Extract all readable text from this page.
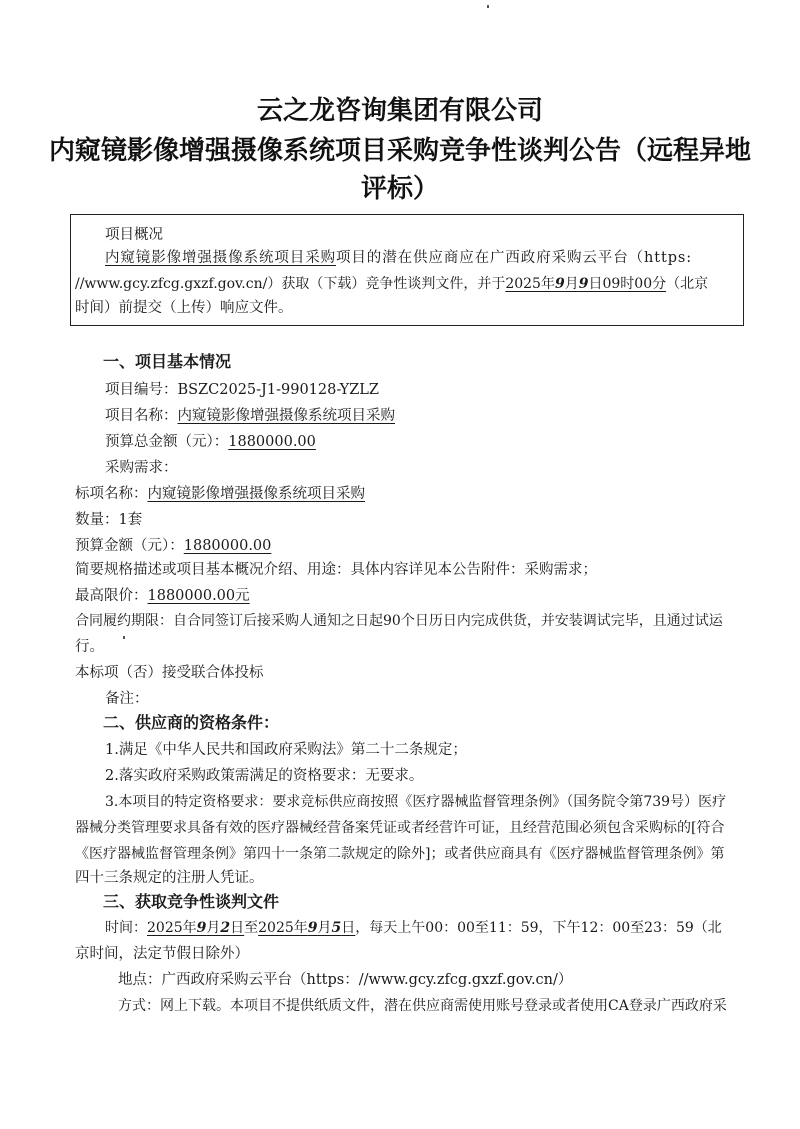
云之龙咨询集团有限公司
内窥镜影像增强摄像系统项目采购竞争性谈判公告（远程异地
评标）
项目概况
内窥镜影像增强摄像系统项目采购项目的潜在供应商应在广西政府采购云平台（https:
//www.gcy.zfcg.gxzf.gov.cn/）获取（下载）竞争性谈判文件，并于2025年9月9日09时00分（北京
时间）前提交（上传）响应文件。
一、项目基本情况
项目编号：BSZC2025-J1-990128-YZLZ
项目名称：内窥镜影像增强摄像系统项目采购
预算总金额（元）：1880000.00
采购需求：
标项名称：内窥镜影像增强摄像系统项目采购
数量：1套
预算金额（元）：1880000.00
简要规格描述或项目基本概况介绍、用途：具体内容详见本公告附件：采购需求；
最高限价：1880000.00元
合同履约期限：自合同签订后接采购人通知之日起90个日历日内完成供货，并安装调试完毕，且通过试运
行。
本标项（否）接受联合体投标
备注：
二、供应商的资格条件：
1.满足《中华人民共和国政府采购法》第二十二条规定；
2.落实政府采购政策需满足的资格要求：无要求。
3.本项目的特定资格要求：要求竞标供应商按照《医疗器械监督管理条例》（国务院令第739号）医疗
器械分类管理要求具备有效的医疗器械经营备案凭证或者经营许可证，且经营范围必须包含采购标的[符合
《医疗器械监督管理条例》第四十一条第二款规定的除外]；或者供应商具有《医疗器械监督管理条例》第
四十三条规定的注册人凭证。
三、获取竞争性谈判文件
时间：2025年9月2日至2025年9月5日，每天上午00：00至11：59，下午12：00至23：59（北
京时间，法定节假日除外）
地点：广西政府采购云平台（https：//www.gcy.zfcg.gxzf.gov.cn/）
方式：网上下载。本项目不提供纸质文件，潜在供应商需使用账号登录或者使用CA登录广西政府采
